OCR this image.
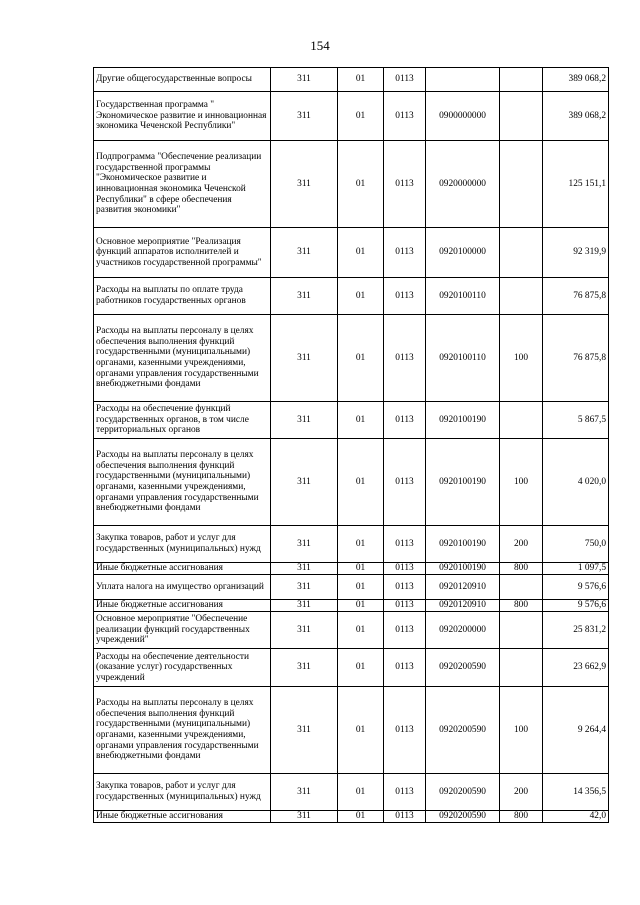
154
Другие общегосударственные вопросы	311	01	0113			389 068,2
Государственная программа " Экономическое развитие и инновационная экономика Чеченской Республики"	311	01	0113	0900000000		389 068,2
Подпрограмма "Обеспечение реализации государственной программы "Экономическое развитие и инновационная экономика Чеченской Республики" в сфере обеспечения развития экономики"	311	01	0113	0920000000		125 151,1
Основное мероприятие "Реализация функций аппаратов исполнителей и участников государственной программы"	311	01	0113	0920100000		92 319,9
Расходы на выплаты по оплате труда работников государственных органов	311	01	0113	0920100110		76 875,8
Расходы на выплаты персоналу в целях обеспечения выполнения функций государственными (муниципальными) органами, казенными учреждениями, органами управления государственными внебюджетными фондами	311	01	0113	0920100110	100	76 875,8
Расходы на обеспечение функций государственных органов, в том числе территориальных органов	311	01	0113	0920100190		5 867,5
Расходы на выплаты персоналу в целях обеспечения выполнения функций государственными (муниципальными) органами, казенными учреждениями, органами управления государственными внебюджетными фондами	311	01	0113	0920100190	100	4 020,0
Закупка товаров, работ и услуг для государственных (муниципальных) нужд	311	01	0113	0920100190	200	750,0
Иные бюджетные ассигнования	311	01	0113	0920100190	800	1 097,5
Уплата налога на имущество организаций	311	01	0113	0920120910		9 576,6
Иные бюджетные ассигнования	311	01	0113	0920120910	800	9 576,6
Основное мероприятие "Обеспечение реализации функций государственных учреждений"	311	01	0113	0920200000		25 831,2
Расходы на обеспечение деятельности (оказание услуг) государственных учреждений	311	01	0113	0920200590		23 662,9
Расходы на выплаты персоналу в целях обеспечения выполнения функций государственными (муниципальными) органами, казенными учреждениями, органами управления государственными внебюджетными фондами	311	01	0113	0920200590	100	9 264,4
Закупка товаров, работ и услуг для государственных (муниципальных) нужд	311	01	0113	0920200590	200	14 356,5
Иные бюджетные ассигнования	311	01	0113	0920200590	800	42,0
